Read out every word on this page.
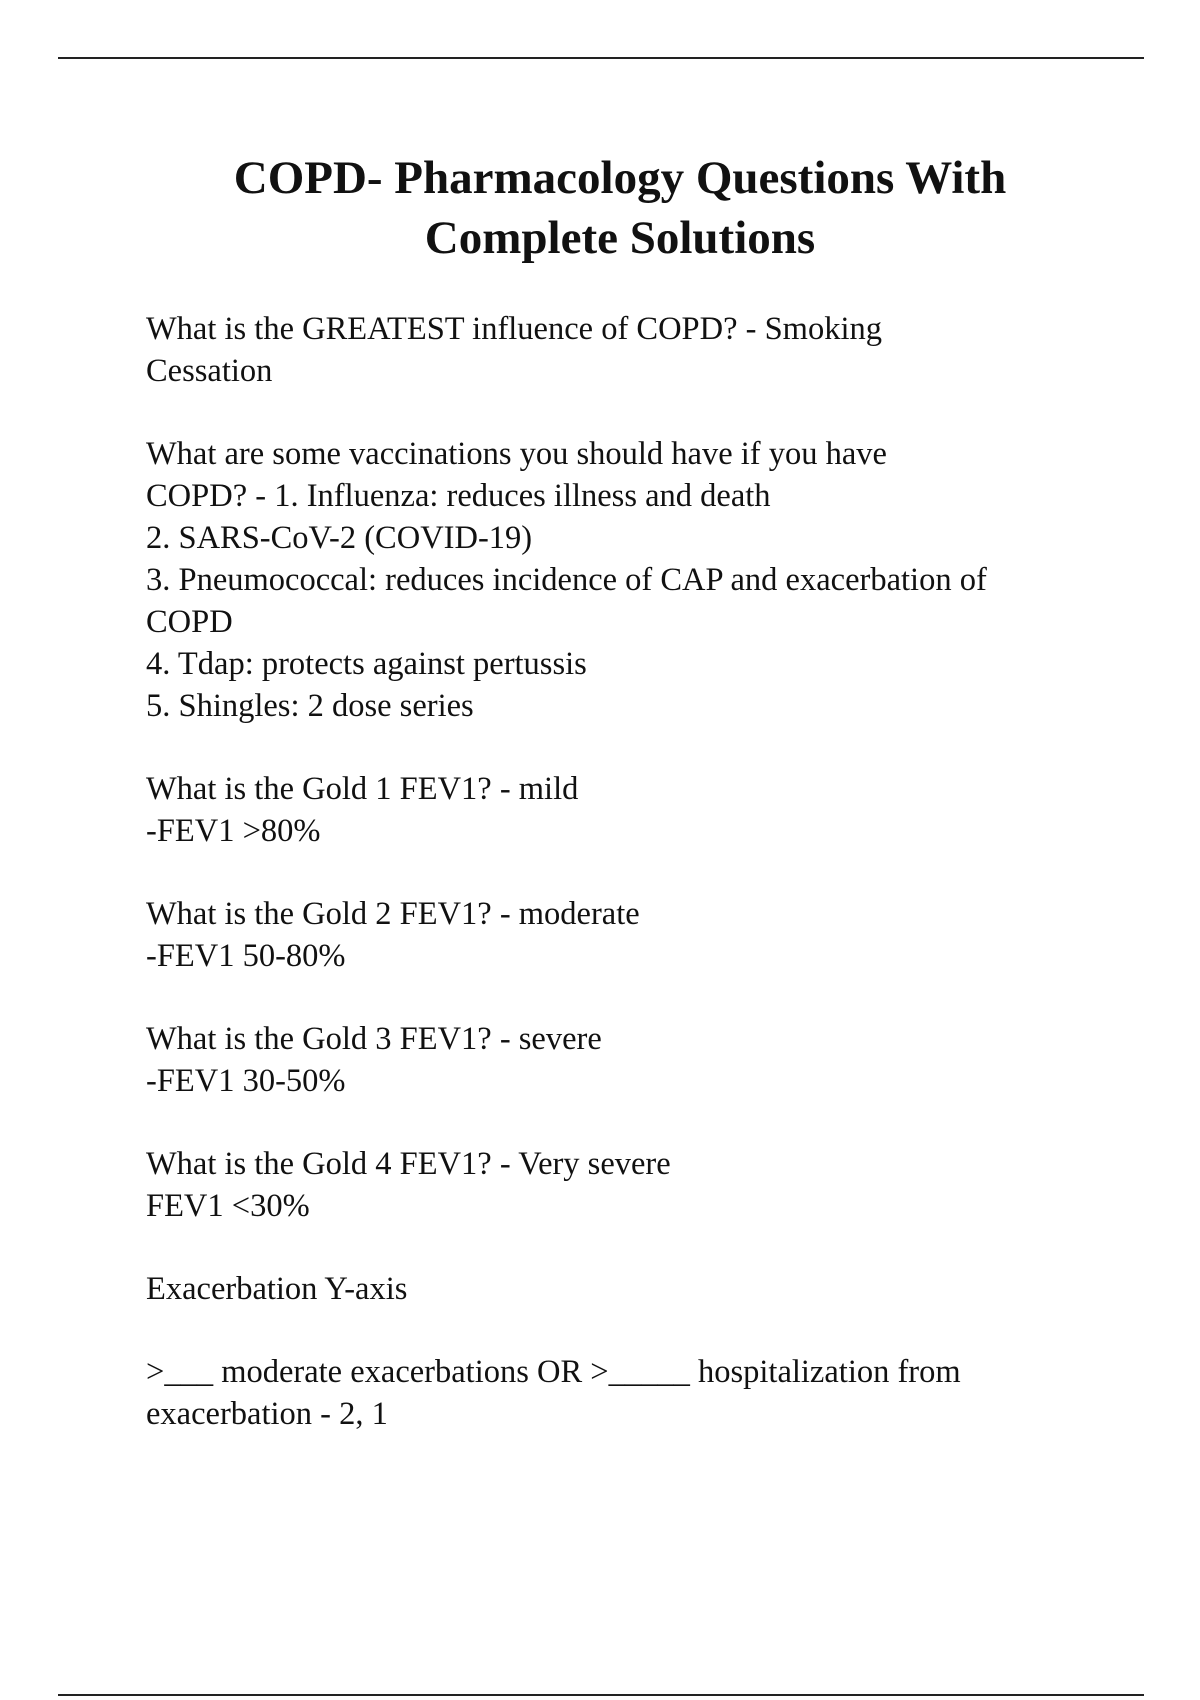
COPD- Pharmacology Questions With
Complete Solutions

What is the GREATEST influence of COPD? - Smoking
Cessation

What are some vaccinations you should have if you have
COPD? - 1. Influenza: reduces illness and death
2. SARS-CoV-2 (COVID-19)
3. Pneumococcal: reduces incidence of CAP and exacerbation of
COPD
4. Tdap: protects against pertussis
5. Shingles: 2 dose series

What is the Gold 1 FEV1? - mild
-FEV1 >80%

What is the Gold 2 FEV1? - moderate
-FEV1 50-80%

What is the Gold 3 FEV1? - severe
-FEV1 30-50%

What is the Gold 4 FEV1? - Very severe
FEV1 <30%

Exacerbation Y-axis

>___ moderate exacerbations OR >_____ hospitalization from
exacerbation - 2, 1
